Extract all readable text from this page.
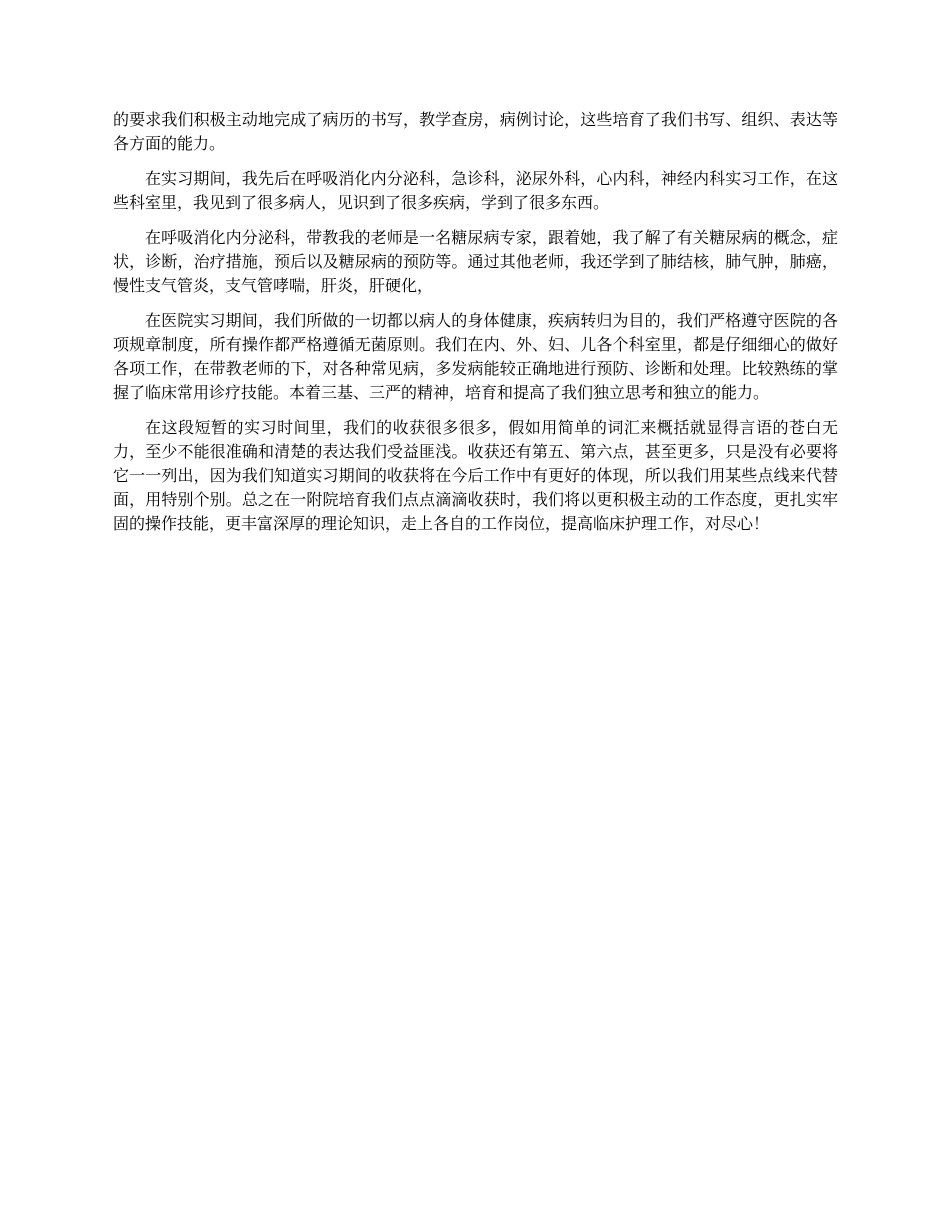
的要求我们积极主动地完成了病历的书写，教学查房，病例讨论，这些培育了我们书写、组织、表达等各方面的能力。

在实习期间，我先后在呼吸消化内分泌科，急诊科，泌尿外科，心内科，神经内科实习工作，在这些科室里，我见到了很多病人，见识到了很多疾病，学到了很多东西。

在呼吸消化内分泌科，带教我的老师是一名糖尿病专家，跟着她，我了解了有关糖尿病的概念，症状，诊断，治疗措施，预后以及糖尿病的预防等。通过其他老师，我还学到了肺结核，肺气肿，肺癌，慢性支气管炎，支气管哮喘，肝炎，肝硬化，

在医院实习期间，我们所做的一切都以病人的身体健康，疾病转归为目的，我们严格遵守医院的各项规章制度，所有操作都严格遵循无菌原则。我们在内、外、妇、儿各个科室里，都是仔细细心的做好各项工作，在带教老师的下，对各种常见病，多发病能较正确地进行预防、诊断和处理。比较熟练的掌握了临床常用诊疗技能。本着三基、三严的精神，培育和提高了我们独立思考和独立的能力。

在这段短暂的实习时间里，我们的收获很多很多，假如用简单的词汇来概括就显得言语的苍白无力，至少不能很准确和清楚的表达我们受益匪浅。收获还有第五、第六点，甚至更多，只是没有必要将它一一列出，因为我们知道实习期间的收获将在今后工作中有更好的体现，所以我们用某些点线来代替面，用特别个别。总之在一附院培育我们点点滴滴收获时，我们将以更积极主动的工作态度，更扎实牢固的操作技能，更丰富深厚的理论知识，走上各自的工作岗位，提高临床护理工作，对尽心！
